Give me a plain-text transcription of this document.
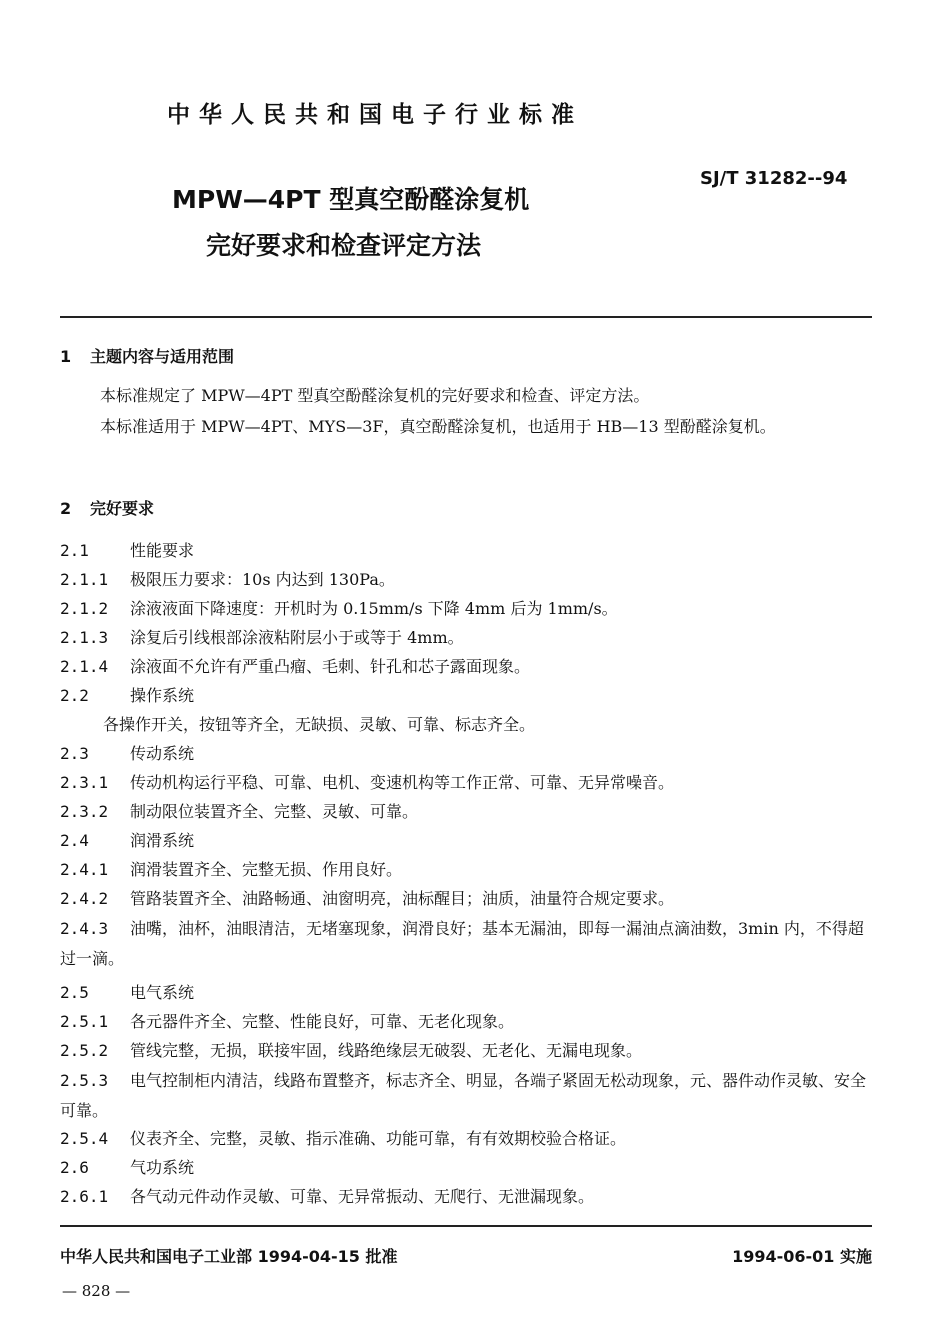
中华人民共和国电子行业标准
SJ/T 31282--94
MPW—4PT 型真空酚醛涂复机
完好要求和检查评定方法
1 主题内容与适用范围
本标准规定了 MPW—4PT 型真空酚醛涂复机的完好要求和检查、评定方法。
本标准适用于 MPW—4PT、MYS—3F，真空酚醛涂复机，也适用于 HB—13 型酚醛涂复机。
2 完好要求
2.1	性能要求
2.1.1 极限压力要求：10s 内达到 130Pa。
2.1.2 涂液液面下降速度：开机时为 0.15mm/s 下降 4mm 后为 1mm/s。
2.1.3 涂复后引线根部涂液粘附层小于或等于 4mm。
2.1.4 涂液面不允许有严重凸瘤、毛刺、针孔和芯子露面现象。
2.2	操作系统
各操作开关，按钮等齐全，无缺损、灵敏、可靠、标志齐全。
2.3	传动系统
2.3.1 传动机构运行平稳、可靠、电机、变速机构等工作正常、可靠、无异常噪音。
2.3.2 制动限位装置齐全、完整、灵敏、可靠。
2.4	润滑系统
2.4.1 润滑装置齐全、完整无损、作用良好。
2.4.2 管路装置齐全、油路畅通、油窗明亮，油标醒目；油质，油量符合规定要求。
2.4.3 油嘴，油杯，油眼清洁，无堵塞现象，润滑良好；基本无漏油，即每一漏油点滴油数，3min 内，不得超过一滴。
2.5	电气系统
2.5.1 各元器件齐全、完整、性能良好，可靠、无老化现象。
2.5.2 管线完整，无损，联接牢固，线路绝缘层无破裂、无老化、无漏电现象。
2.5.3 电气控制柜内清洁，线路布置整齐，标志齐全、明显，各端子紧固无松动现象，元、器件动作灵敏、安全可靠。
2.5.4 仪表齐全、完整，灵敏、指示准确、功能可靠，有有效期校验合格证。
2.6	气功系统
2.6.1 各气动元件动作灵敏、可靠、无异常振动、无爬行、无泄漏现象。
中华人民共和国电子工业部 1994-04-15 批准	1994-06-01 实施
— 828 —
